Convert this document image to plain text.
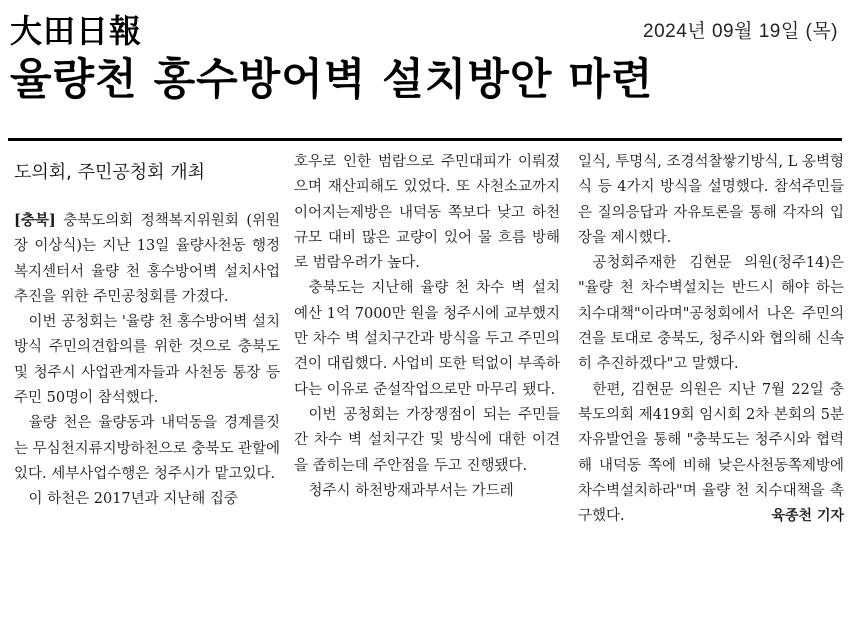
大田日報	2024년 09월 19일 (목)
율량천 홍수방어벽 설치방안 마련
도의회, 주민공청회 개최

[충북] 충북도의회 정책복지위원회 (위원장 이상식)는 지난 13일 율량사천동 행정복지센터서 율량 천 홍수방어벽 설치사업 추진을 위한 주민공청회를 가졌다.

이번 공청회는 '율량 천 홍수방어벽 설치방식 주민의견합의를 위한 것으로 충북도 및 청주시 사업관계자들과 사천동 통장 등 주민 50명이 참석했다.

율량 천은 율량동과 내덕동을 경계를짓는 무심천지류지방하천으로 충북도 관할에 있다. 세부사업수행은 청주시가 맡고있다.

이 하천은 2017년과 지난해 집중

호우로 인한 범람으로 주민대피가 이뤄졌으며 재산피해도 있었다. 또 사천소교까지 이어지는제방은 내덕동 쪽보다 낮고 하천 규모 대비 많은 교량이 있어 물 흐름 방해로 범람우려가 높다.

충북도는 지난해 율량 천 차수 벽 설치예산 1억 7000만 원을 청주시에 교부했지만 차수 벽 설치구간과 방식을 두고 주민의견이 대립했다. 사업비 또한 턱없이 부족하다는 이유로 준설작업으로만 마무리 됐다.

이번 공청회는 가장쟁점이 되는 주민들 간 차수 벽 설치구간 및 방식에 대한 이견을 좁히는데 주안점을 두고 진행됐다.

청주시 하천방재과부서는 가드레

일식, 투명식, 조경석찰쌓기방식, L 옹벽형식 등 4가지 방식을 설명했다. 참석주민들은 질의응답과 자유토론을 통해 각자의 입장을 제시했다.

공청회주재한 김현문 의원(청주14)은 "율량 천 차수벽설치는 반드시 해야 하는 치수대책"이라며"공청회에서 나온 주민의견을 토대로 충북도, 청주시와 협의해 신속히 추진하겠다"고 말했다.

한편, 김현문 의원은 지난 7월 22일 충북도의회 제419회 임시회 2차 본회의 5분 자유발언을 통해 "충북도는 청주시와 협력해 내덕동 쪽에 비해 낮은사천동쪽제방에차수벽설치하라"며 율량 천 치수대책을 촉구했다.	육종천 기자
